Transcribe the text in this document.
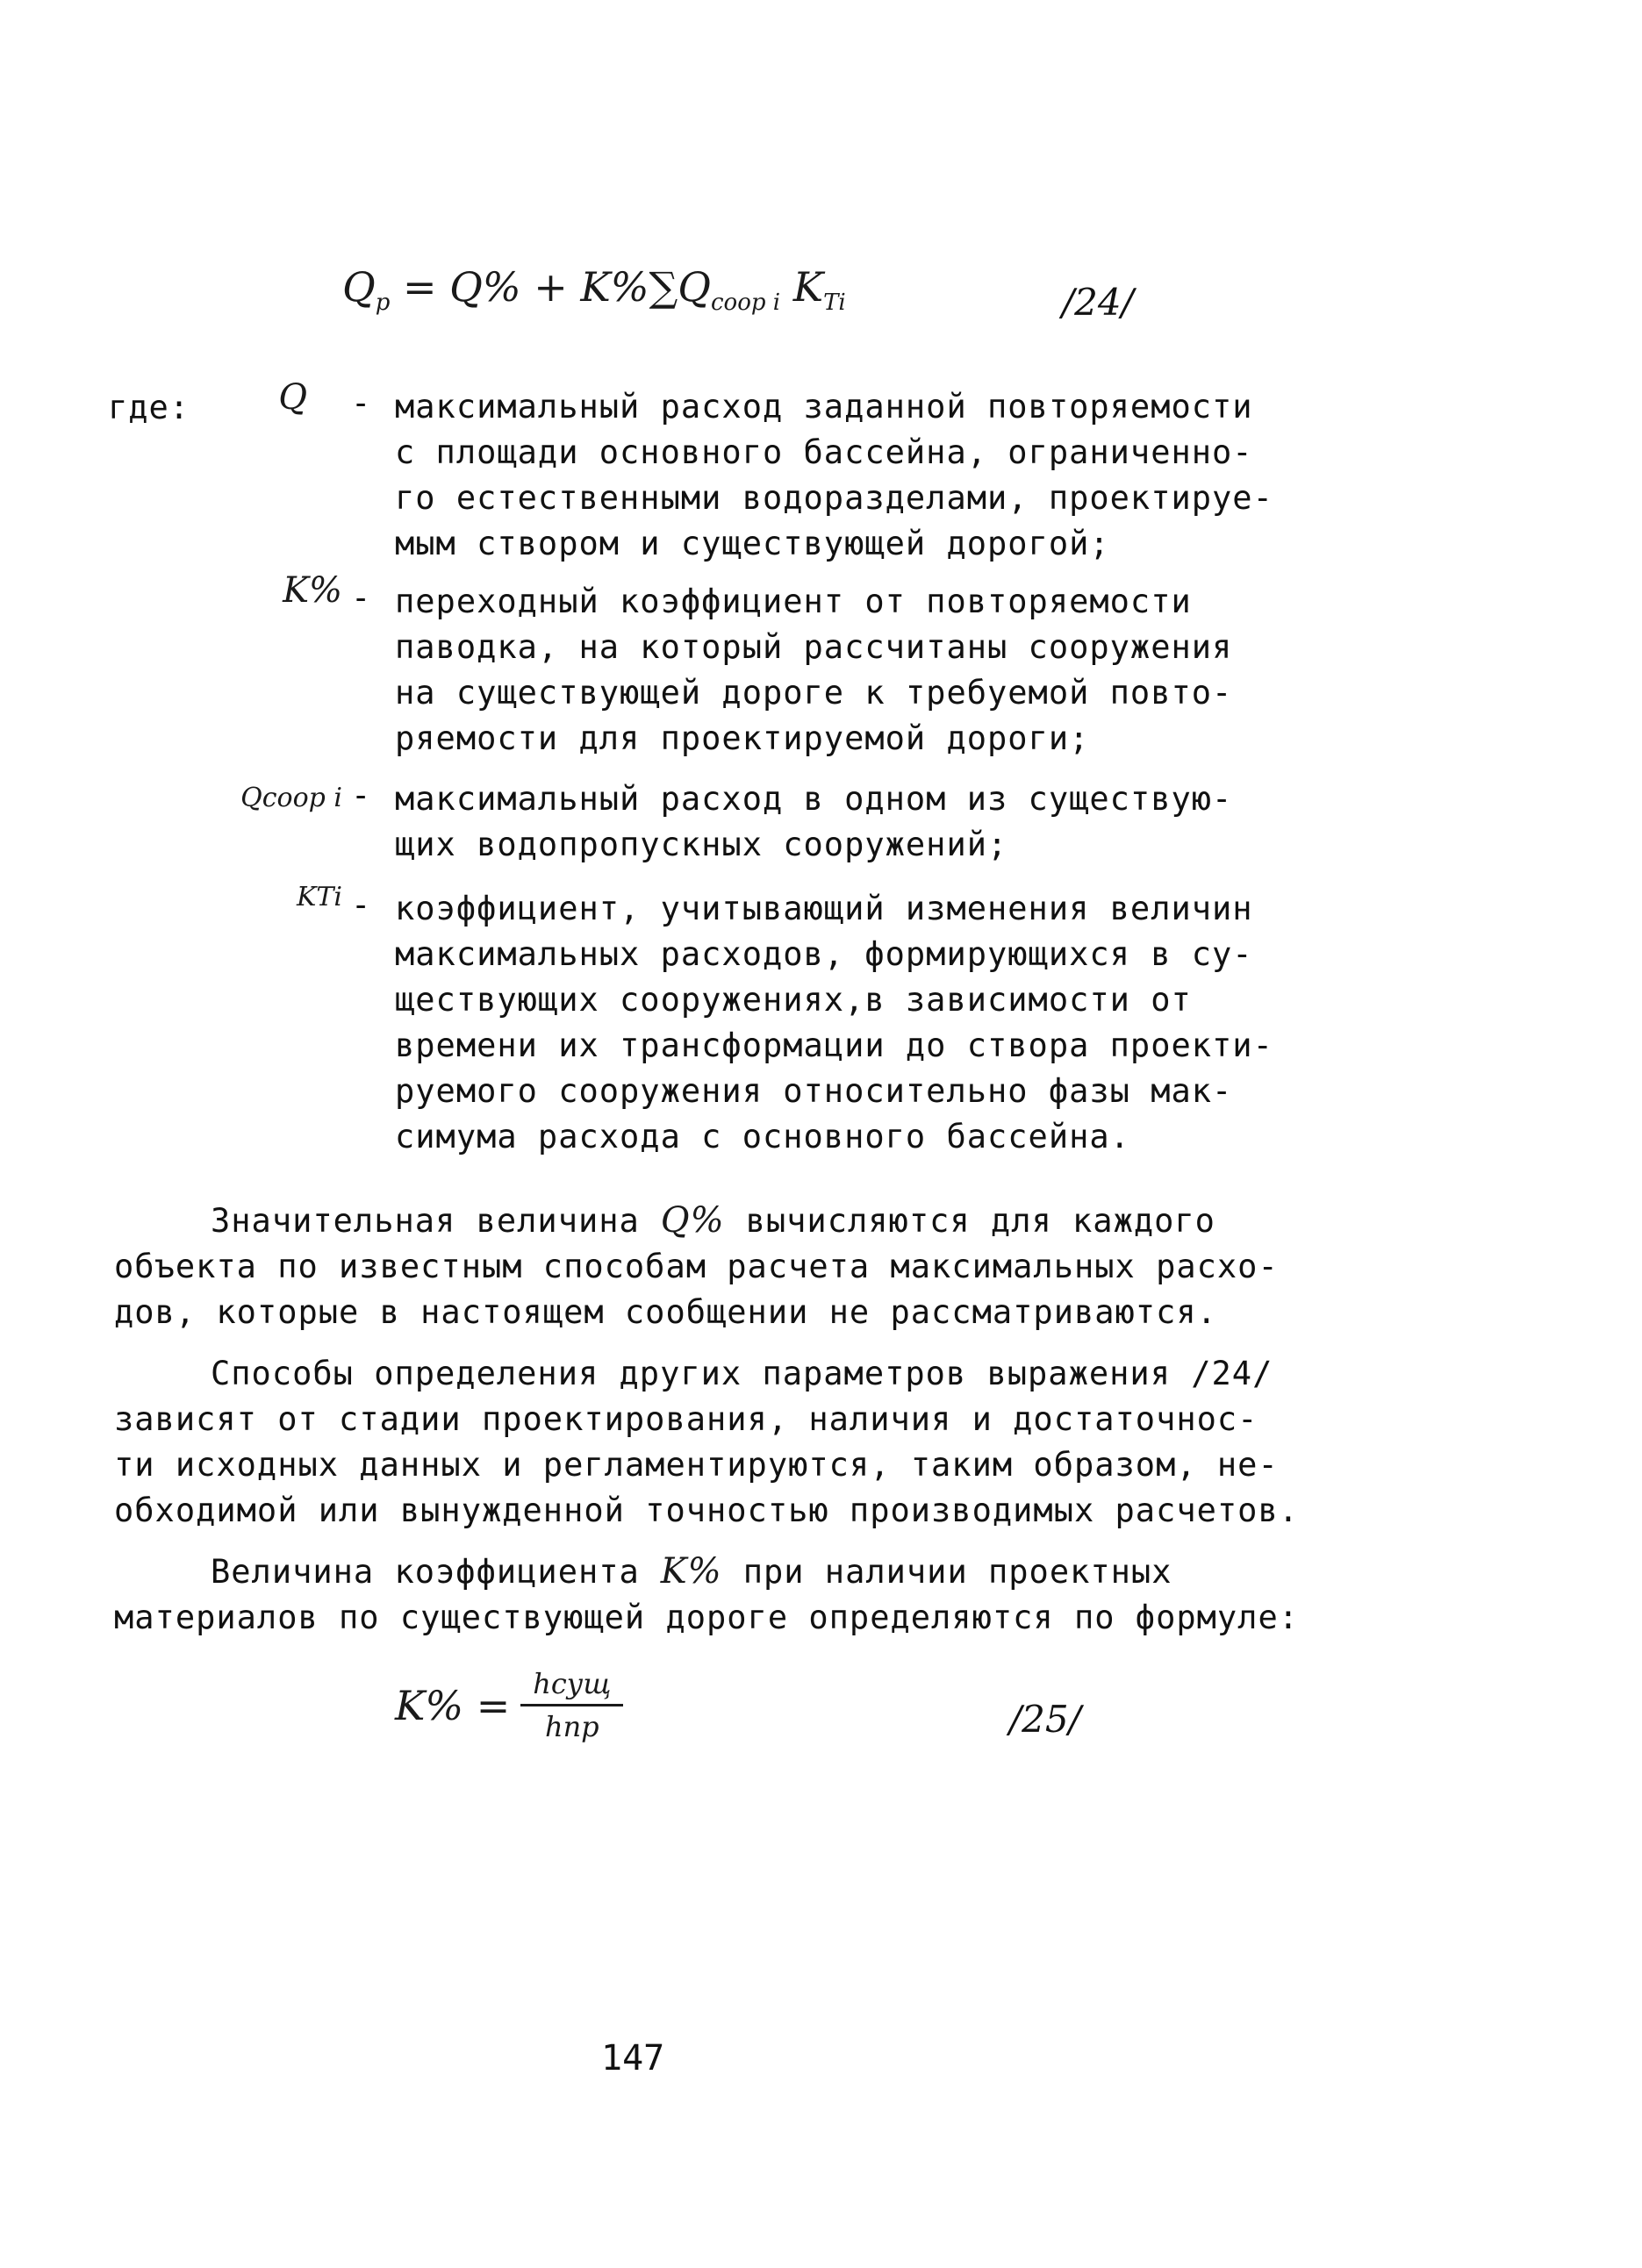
$Q_p = Q\% + K\%\sum Q_{coop i}$ $K_{Ti}$	/24/
где:	Q - максимальный расход заданной повторяемости
с площади основного бассейна, ограниченно-
го естественными водоразделами, проектируе-
мым створом и существующей дорогой;
K% - переходный коэффициент от повторяемости
паводка, на который рассчитаны сооружения
на существующей дороге к требуемой повто-
ряемости для проектируемой дороги;
Qсоор i - максимальный расход в одном из существую-
щих водопропускных сооружений;
KTi - коэффициент, учитывающий изменения величин
максимальных расходов, формирующихся в су-
ществующих сооружениях,в зависимости от
времени их трансформации до створа проекти-
руемого сооружения относительно фазы мак-
симума расхода с основного бассейна.
Значительная величина Q% вычисляются для каждого
объекта по известным способам расчета максимальных расхо-
дов, которые в настоящем сообщении не рассматриваются.
Способы определения других параметров выражения /24/
зависят от стадии проектирования, наличия и достаточнос-
ти исходных данных и регламентируются, таким образом, не-
обходимой или вынужденной точностью производимых расчетов.
Величина коэффициента K% при наличии проектных
материалов по существующей дороге определяются по формуле:
$K\% = \frac{\text{hсущ}}{\text{hпр}}$	/25/
147
